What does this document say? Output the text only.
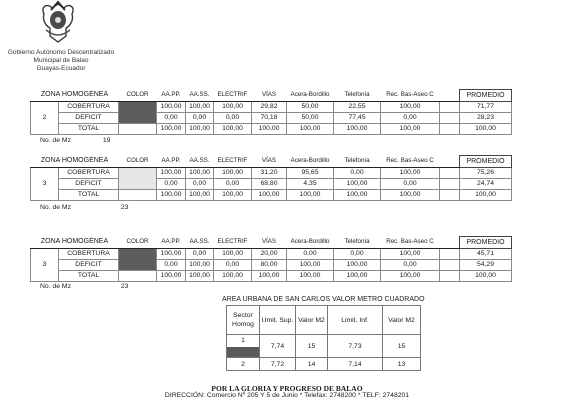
Gobierno Autónomo Descentralizado
Municipal de Balao
Guayas-Ecuador
ZONA HOMOGÉNEA		COLOR	AA.PP.	AA.SS.	ELECTRIF	VÍAS	Acera-Bordillo	Telefonía	Rec. Bas-Aseo C		PROMEDIO
2	COBERTURA		100,00	100,00	100,00	29,82	50,00	22,55	100,00		71,77
	DEFICIT		0,00	0,00	0,00	70,18	50,00	77,45	0,00		28,23
	TOTAL		100,00	100,00	100,00	100,00	100,00	100,00	100,00		100,00
No. de Mz	19
ZONA HOMOGÉNEA		COLOR	AA.PP.	AA.SS.	ELECTRIF	VÍAS	Acera-Bordillo	Telefonía	Rec. Bas-Aseo C		PROMEDIO
3	COBERTURA		100,00	100,00	100,00	31,20	95,65	0,00	100,00		75,26
	DEFICIT		0,00	0,00	0,00	68,80	4,35	100,00	0,00		24,74
	TOTAL		100,00	100,00	100,00	100,00	100,00	100,00	100,00		100,00
No. de Mz	23
ZONA HOMOGÉNEA		COLOR	AA.PP.	AA.SS.	ELECTRIF	VÍAS	Acera-Bordillo	Telefonía	Rec. Bas-Aseo C		PROMEDIO
3	COBERTURA		100,00	0,00	100,00	20,00	0,00	0,00	100,00		45,71
	DEFICIT		0,00	100,00	0,00	80,00	100,00	100,00	0,00		54,29
	TOTAL		100,00	100,00	100,00	100,00	100,00	100,00	100,00		100,00
No. de Mz	23
AREA URBANA DE SAN CARLOS VALOR METRO CUADRADO
Sector Homog	Umit. Sup.	Valor M2	Limit. Inf.	Valor M2

1	7,74	15	7,73	15
2	7,72	14	7,14	13
POR LA GLORIA Y PROGRESO DE BALAO
DIRECCIÓN: Comercio Nº 205 Y 5 de Junio * Telefax: 2748200 * TELF: 2748201
